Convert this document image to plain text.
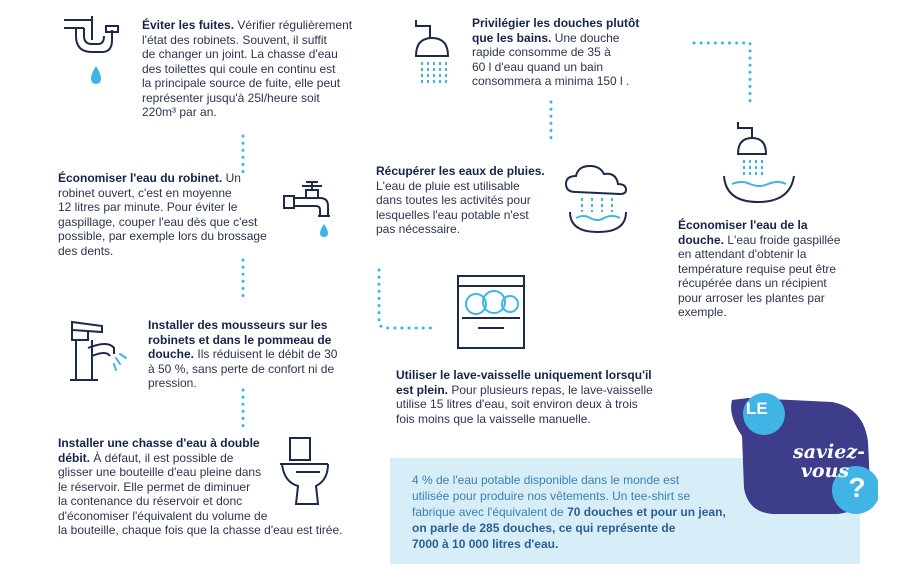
Éviter les fuites. Vérifier régulièrement
l'état des robinets. Souvent, il suffit
de changer un joint. La chasse d'eau
des toilettes qui coule en continu est
la principale source de fuite, elle peut
représenter jusqu'à 25l/heure soit
220m³ par an.
Économiser l'eau du robinet. Un
robinet ouvert, c'est en moyenne
12 litres par minute. Pour éviter le
gaspillage, couper l'eau dès que c'est
possible, par exemple lors du brossage
des dents.
Installer des mousseurs sur les
robinets et dans le pommeau de
douche. Ils réduisent le débit de 30
à 50 %, sans perte de confort ni de
pression.
Installer une chasse d'eau à double
débit. À défaut, il est possible de
glisser une bouteille d'eau pleine dans
le réservoir. Elle permet de diminuer
la contenance du réservoir et donc
d'économiser l'équivalent du volume de
la bouteille, chaque fois que la chasse d'eau est tirée.
Privilégier les douches plutôt
que les bains. Une douche
rapide consomme de 35 à
60 l d'eau quand un bain
consommera a minima 150 l .
Récupérer les eaux de pluies.
L'eau de pluie est utilisable
dans toutes les activités pour
lesquelles l'eau potable n'est
pas nécessaire.	Économiser l'eau de la
douche. L'eau froide gaspillée
en attendant d'obtenir la
température requise peut être
récupérée dans un récipient
pour arroser les plantes par
exemple.
Utiliser le lave-vaisselle uniquement lorsqu'il
est plein. Pour plusieurs repas, le lave-vaisselle
utilise 15 litres d'eau, soit environ deux à trois
fois moins que la vaisselle manuelle.
4 % de l'eau potable disponible dans le monde est
utilisée pour produire nos vêtements. Un tee-shirt se
fabrique avec l'équivalent de 70 douches et pour un jean,
on parle de 285 douches, ce qui représente de
7000 à 10 000 litres d'eau.
LE
saviez-
vous
?
